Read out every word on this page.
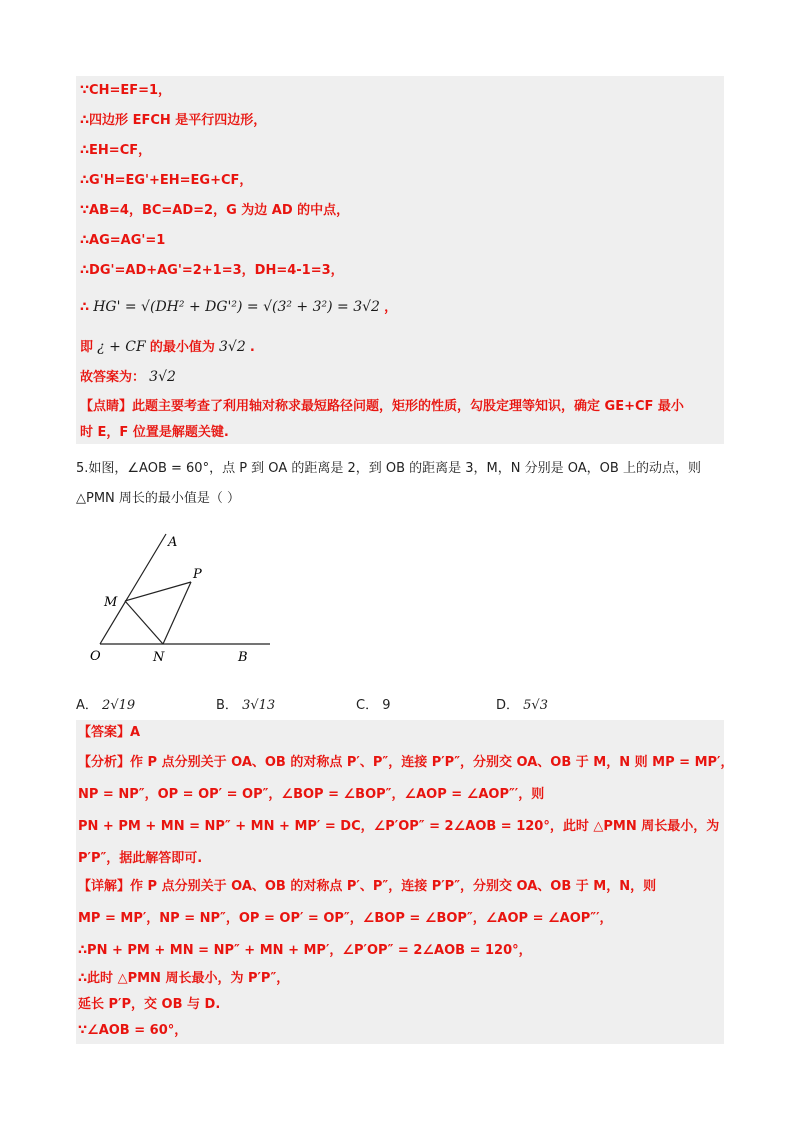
∵CH=EF=1，
∴四边形 EFCH 是平行四边形，
∴EH=CF，
∴G'H=EG'+EH=EG+CF，
∵AB=4，BC=AD=2，G 为边 AD 的中点，
∴AG=AG'=1
∴DG'=AD+AG'=2+1=3，DH=4-1=3，
∴ HG' = √(DH² + DG'²) = √(3² + 3²) = 3√2 ，
即 ¿ + CF 的最小值为 3√2 .
故答案为： 3√2
【点睛】此题主要考查了利用轴对称求最短路径问题，矩形的性质，勾股定理等知识，确定 GE+CF 最小
时 E，F 位置是解题关键.
5.如图，∠AOB = 60°，点 P 到 OA 的距离是 2，到 OB 的距离是 3，M，N 分别是 OA，OB 上的动点，则
△PMN 周长的最小值是（ ）
A
P
M
O	N	B
A． 2√19	B． 3√13	C． 9	D． 5√3
【答案】A
【分析】作 P 点分别关于 OA、OB 的对称点 P′、P″，连接 P′P″，分别交 OA、OB 于 M，N 则 MP = MP′，
NP = NP″，OP = OP′ = OP″，∠BOP = ∠BOP″，∠AOP = ∠AOP″′，则
PN + PM + MN = NP″ + MN + MP′ = DC，∠P′OP″ = 2∠AOB = 120°，此时 △PMN 周长最小，为
P′P″，据此解答即可.
【详解】作 P 点分别关于 OA、OB 的对称点 P′、P″，连接 P′P″，分别交 OA、OB 于 M，N，则
MP = MP′，NP = NP″，OP = OP′ = OP″，∠BOP = ∠BOP″，∠AOP = ∠AOP″′，
∴PN + PM + MN = NP″ + MN + MP′，∠P′OP″ = 2∠AOB = 120°，
∴此时 △PMN 周长最小，为 P′P″，
延长 P′P，交 OB 与 D.
∵∠AOB = 60°，
